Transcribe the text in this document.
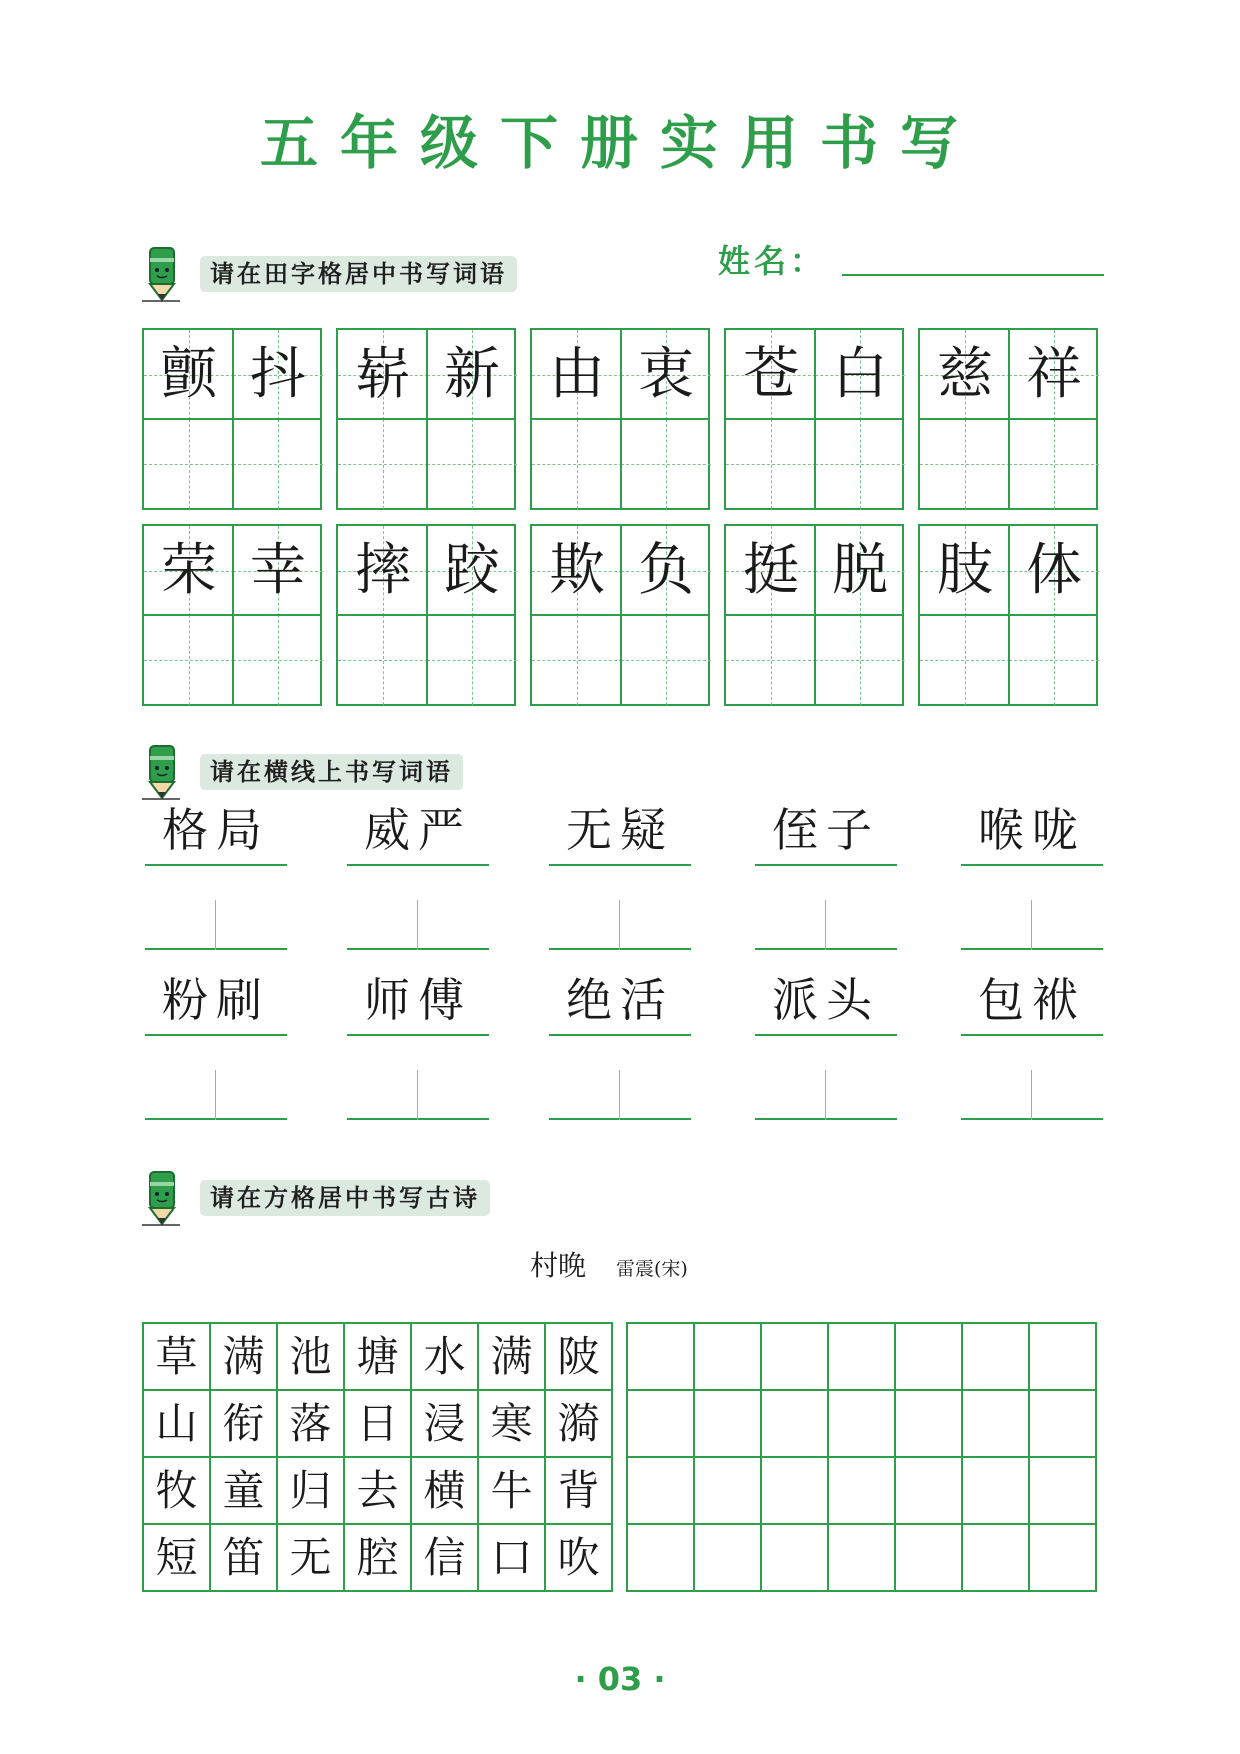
五年级下册实用书写
姓名：
请在田字格居中书写词语
颤 抖 崭 新 由 衷 苍 白 慈 祥
荣 幸 摔 跤 欺 负 挺 脱 肢 体
请在横线上书写词语
格局	威严	无疑	侄子	喉咙
粉刷	师傅	绝活	派头	包袱
请在方格居中书写古诗
村晚 雷震(宋)
草 满 池 塘 水 满 陂
山 衔 落 日 浸 寒 漪
牧 童 归 去 横 牛 背
短 笛 无 腔 信 口 吹
· 03 ·
